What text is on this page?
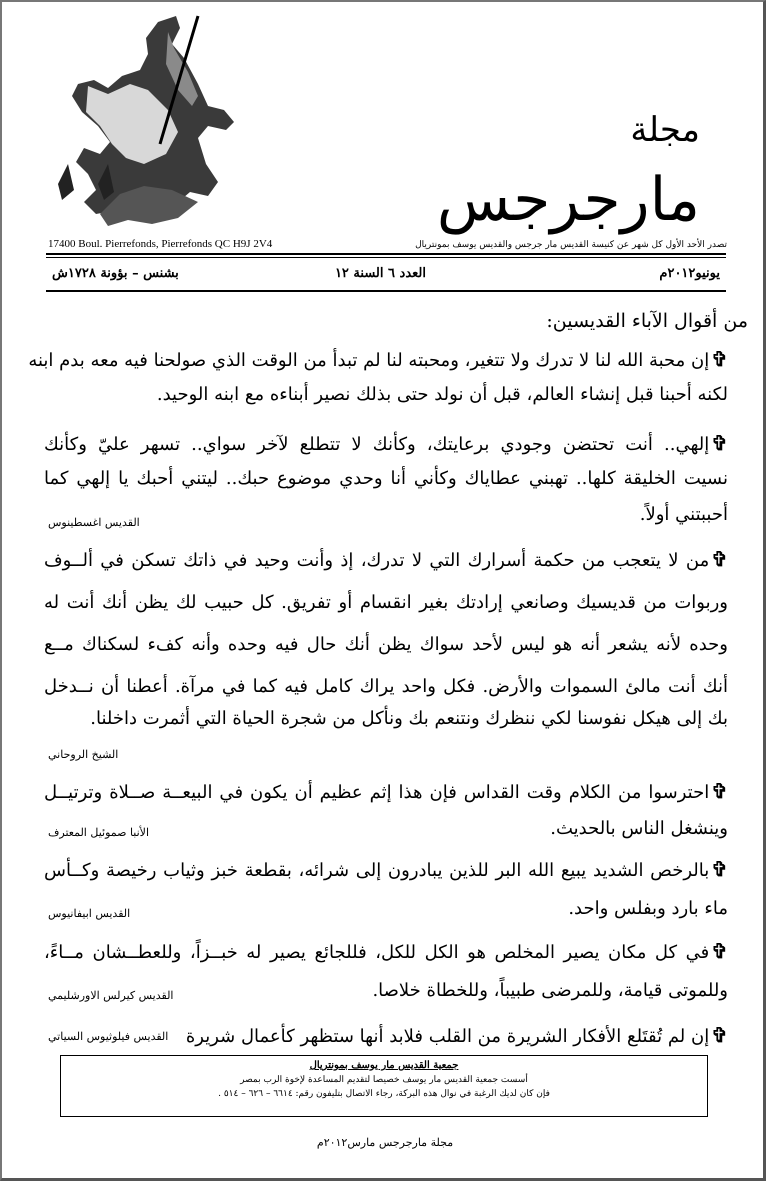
مجلة مارجرجس
17400 Boul. Pierrefonds, Pierrefonds QC H9J 2V4	تصدر الأحد الأول كل شهر عن كنيسة القديس مار جرجس والقديس يوسف بمونتريال
يونيو٢٠١٢م
العدد ٦ السنة ١٢
بشنس – بؤونة ١٧٢٨ش
من أقوال الآباء القديسين:
✞إن محبة الله لنا لا تدرك ولا تتغير، ومحبته لنا لم تبدأ من الوقت الذي صولحنا فيه معه بدم ابنه
لكنه أحبنا قبل إنشاء العالم، قبل أن نولد حتى بذلك نصير أبناءه مع ابنه الوحيد.
✞إلهي.. أنت تحتضن وجودي برعايتك، وكأنك لا تتطلع لآخر سواي.. تسهر عليّ وكأنك
نسيت الخليقة كلها.. تهبني عطاياك وكأني أنا وحدي موضوع حبك.. ليتني أحبك يا إلهي كما
أحببتني أولاً.
✞من لا يتعجب من حكمة أسرارك التي لا تدرك، إذ وأنت وحيد في ذاتك تسكن في ألــوف
وربوات من قديسيك وصانعي إرادتك بغير انقسام أو تفريق. كل حبيب لك يظن أنك أنت له
وحده لأنه يشعر أنه هو ليس لأحد سواك يظن أنك حال فيه وحده وأنه كفء لسكناك مــع
أنك أنت مالئ السموات والأرض. فكل واحد يراك كامل فيه كما في مرآة. أعطنا أن نــدخل
بك إلى هيكل نفوسنا لكي ننظرك ونتنعم بك ونأكل من شجرة الحياة التي أثمرت داخلنا.
✞احترسوا من الكلام وقت القداس فإن هذا إثم عظيم أن يكون في البيعــة صــلاة وترتيــل
وينشغل الناس بالحديث.
✞بالرخص الشديد يبيع الله البر للذين يبادرون إلى شرائه، بقطعة خبز وثياب رخيصة وكــأس
ماء بارد وبفلس واحد.
✞في كل مكان يصير المخلص هو الكل للكل، فللجائع يصير له خبــزاً، وللعطــشان مــاءً،
وللموتى قيامة، وللمرضى طبيباً، وللخطاة خلاصا.
✞إن لم تُقتَلع الأفكار الشريرة من القلب فلابد أنها ستظهر كأعمال شريرة
القديس اغسطينوس
الشيخ الروحاني
الأنبا صموئيل المعترف
القديس ابيفانيوس
القديس كيرلس الاورشليمي
القديس فيلوثيوس السياتي
جمعية القديس مار يوسف بمونتريال
أسست جمعية القديس مار يوسف خصيصا لتقديم المساعدة لإخوة الرب بمصر
فإن كان لديك الرغبة في نوال هذه البركة، رجاء الاتصال بتليفون رقم: ٦٦١٤ – ٦٢٦ – ٥١٤ .
مجلة مارجرجس مارس٢٠١٢م
